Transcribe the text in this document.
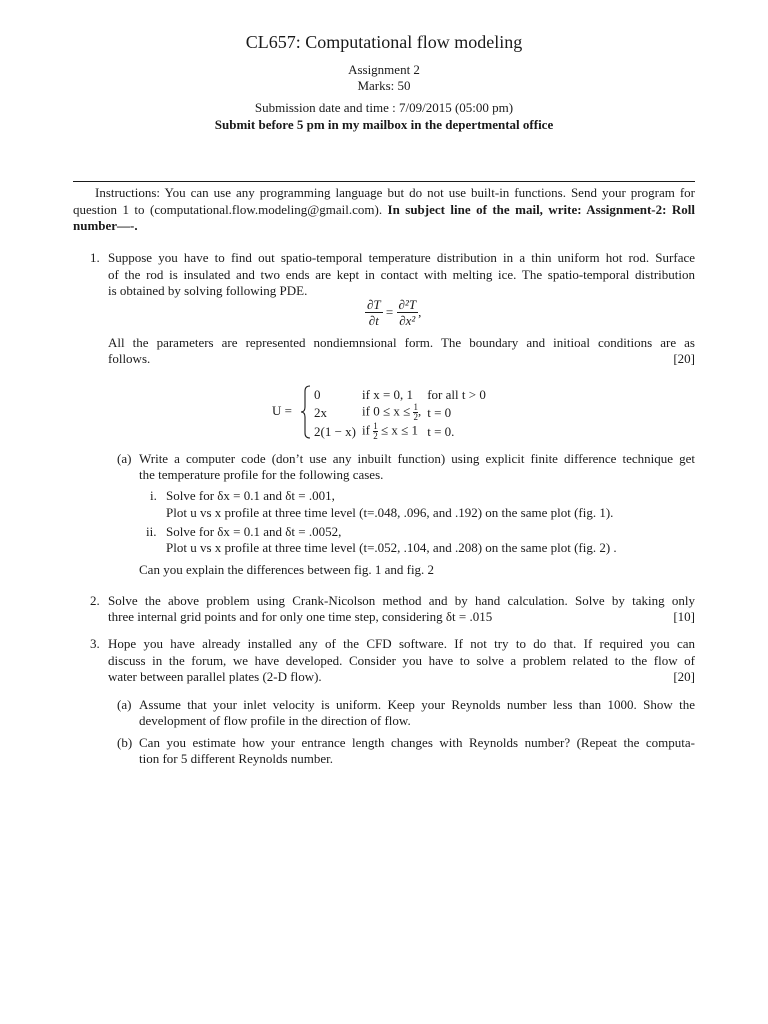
CL657: Computational flow modeling
Assignment 2
Marks: 50
Submission date and time : 7/09/2015 (05:00 pm)
Submit before 5 pm in my mailbox in the depertmental office
Instructions: You can use any programming language but do not use built-in functions. Send your program for question 1 to (computational.flow.modeling@gmail.com). In subject line of the mail, write: Assignment-2: Roll number—-.
1. Suppose you have to find out spatio-temporal temperature distribution in a thin uniform hot rod. Surface
of the rod is insulated and two ends are kept in contact with melting ice. The spatio-temporal distribution
is obtained by solving following PDE.
$\frac{\partial T}{\partial t} = \frac{\text{∂²T}}{\text{∂x²}}$ ,
All the parameters are represented nondiemnsional form. The boundary and initioal conditions are as
follows.	[20]
U =
0	if x = 0, 1	for all t > 0
2x	if $0 \le x \le \frac{1}{2}$,	t = 0
2(1 − x)	if $\frac{1}{2} \le x \le 1$	t = 0.
(a) Write a computer code (don’t use any inbuilt function) using explicit finite difference technique get
the temperature profile for the following cases.
i. Solve for δx = 0.1 and δt = .001,
Plot u vs x profile at three time level (t=.048, .096, and .192) on the same plot (fig. 1).
ii. Solve for δx = 0.1 and δt = .0052,
Plot u vs x profile at three time level (t=.052, .104, and .208) on the same plot (fig. 2) .
Can you explain the differences between fig. 1 and fig. 2
2. Solve the above problem using Crank-Nicolson method and by hand calculation. Solve by taking only
three internal grid points and for only one time step, considering δt = .015	[10]
3. Hope you have already installed any of the CFD software. If not try to do that. If required you can
discuss in the forum, we have developed. Consider you have to solve a problem related to the flow of
water between parallel plates (2-D flow).	[20]
(a) Assume that your inlet velocity is uniform. Keep your Reynolds number less than 1000. Show the
development of flow profile in the direction of flow.
(b) Can you estimate how your entrance length changes with Reynolds number? (Repeat the computa-
tion for 5 different Reynolds number.
